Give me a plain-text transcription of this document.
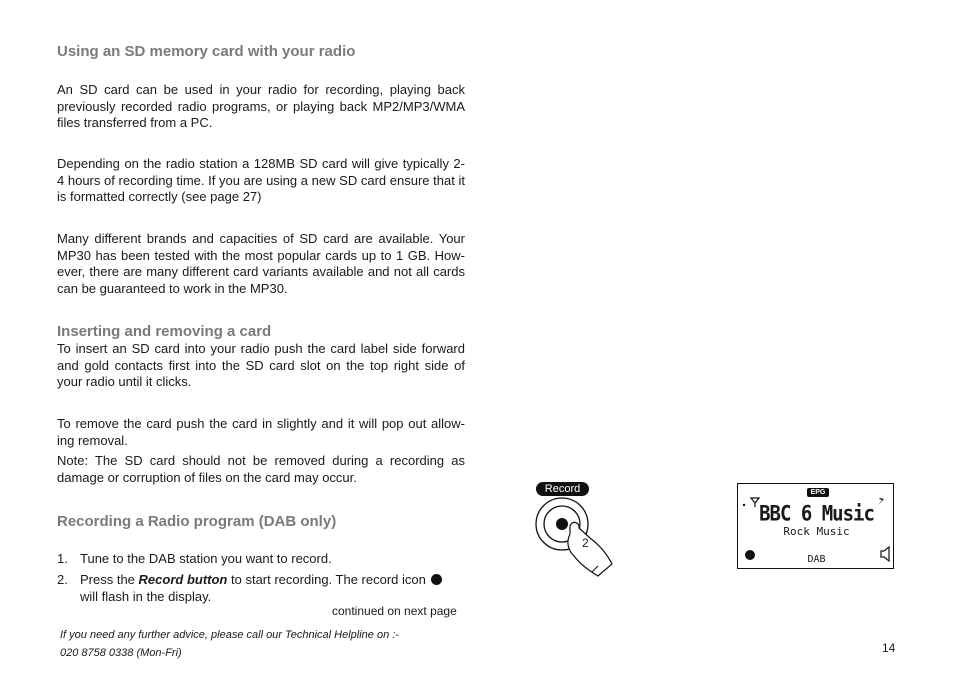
Using an SD memory card with your radio
An SD card can be used in your radio for recording, playing back previously recorded radio programs, or playing back MP2/MP3/WMA files transferred from a PC.
Depending on the radio station a 128MB SD card will give typically 2- 4 hours of recording time. If you are using a new SD card ensure that it is formatted correctly (see page 27)
Many different brands and capacities of SD card are available. Your MP30 has been tested with the most popular cards up to 1 GB. How-ever, there are many different card variants available and not all cards can be guaranteed to work in the MP30.
Inserting and removing a card
To insert an SD card into your radio push the card label side forward and gold contacts first into the SD card slot on the top right side of your radio until it clicks.
To remove the card push the card in slightly and it will pop out allow-ing removal.
Note: The SD card should not be removed during a recording as damage or corruption of files on the card may occur.
Recording a Radio program (DAB only)
1. Tune to the DAB station you want to record.
2. Press the Record button to start recording. The record icon
will flash in the display.
continued on next page
If you need any further advice, please call our Technical Helpline on :-
020 8758 0338 (Mon-Fri)	14
Record
2
EPG
BBC 6 Music
Rock Music
DAB
